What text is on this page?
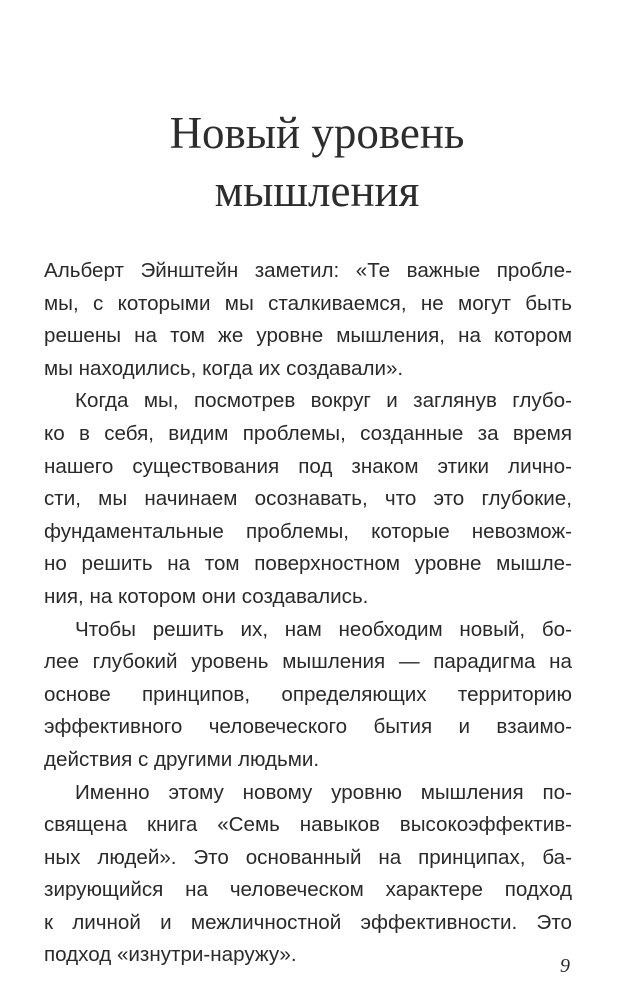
Новый уровень
мышления
Альберт Эйнштейн заметил: «Те важные пробле-
мы, с которыми мы сталкиваемся, не могут быть
решены на том же уровне мышления, на котором
мы находились, когда их создавали».
Когда мы, посмотрев вокруг и заглянув глубо-
ко в себя, видим проблемы, созданные за время
нашего существования под знаком этики лично-
сти, мы начинаем осознавать, что это глубокие,
фундаментальные проблемы, которые невозмож-
но решить на том поверхностном уровне мышле-
ния, на котором они создавались.
Чтобы решить их, нам необходим новый, бо-
лее глубокий уровень мышления — парадигма на
основе принципов, определяющих территорию
эффективного человеческого бытия и взаимо-
действия с другими людьми.
Именно этому новому уровню мышления по-
священа книга «Семь навыков высокоэффектив-
ных людей». Это основанный на принципах, ба-
зирующийся на человеческом характере подход
к личной и межличностной эффективности. Это
подход «изнутри-наружу».	9
